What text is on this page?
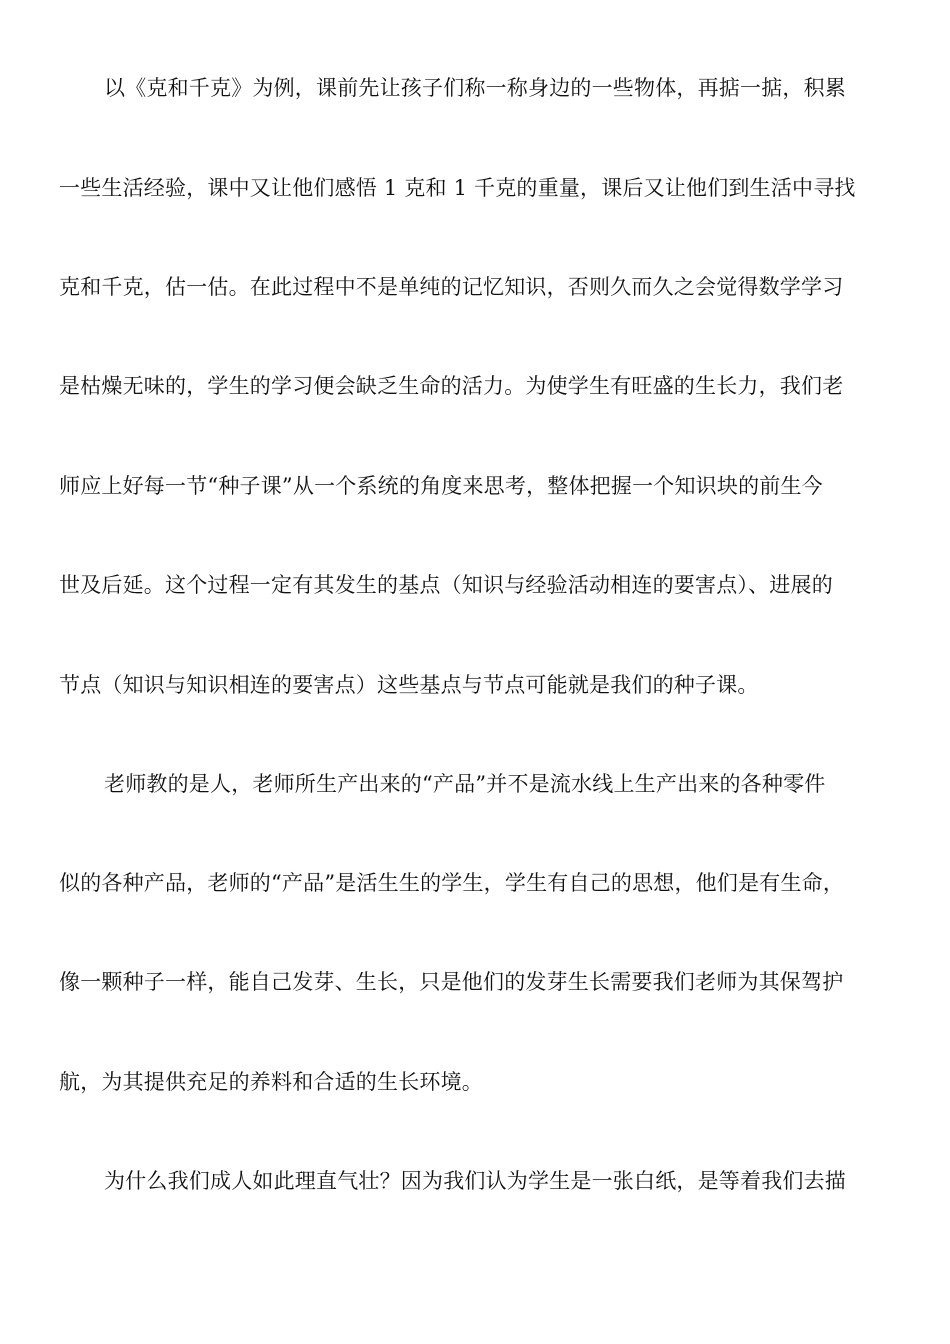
以《克和千克》为例，课前先让孩子们称一称身边的一些物体，再掂一掂，积累
一些生活经验，课中又让他们感悟 1 克和 1 千克的重量，课后又让他们到生活中寻找
克和千克，估一估。在此过程中不是单纯的记忆知识，否则久而久之会觉得数学学习
是枯燥无味的，学生的学习便会缺乏生命的活力。为使学生有旺盛的生长力，我们老
师应上好每一节“种子课”从一个系统的角度来思考，整体把握一个知识块的前生今
世及后延。这个过程一定有其发生的基点（知识与经验活动相连的要害点）、进展的
节点（知识与知识相连的要害点）这些基点与节点可能就是我们的种子课。
老师教的是人，老师所生产出来的“产品”并不是流水线上生产出来的各种零件
似的各种产品，老师的“产品”是活生生的学生，学生有自己的思想，他们是有生命，
像一颗种子一样，能自己发芽、生长，只是他们的发芽生长需要我们老师为其保驾护
航，为其提供充足的养料和合适的生长环境。
为什么我们成人如此理直气壮？因为我们认为学生是一张白纸，是等着我们去描
